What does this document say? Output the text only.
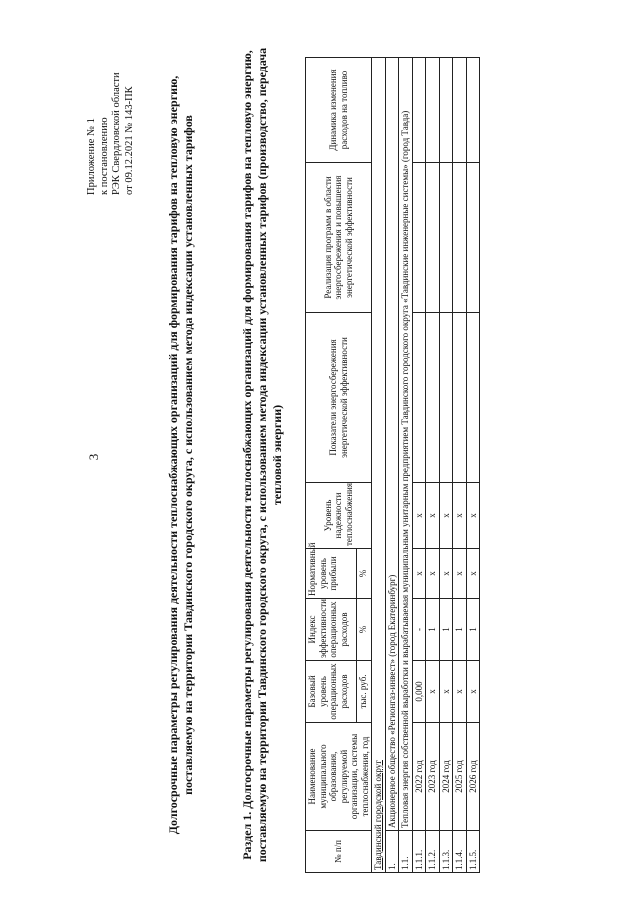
3
Приложение № 1 к постановлению РЭК Свердловской области от 09.12.2021 № 143-ПК	Долгосрочные параметры регулирования деятельности теплоснабжающих организаций для формирования тарифов на тепловую энергию, поставляемую на территории Тавдинского городского округа, с использованием метода индексации установленных тарифов	Раздел 1. Долгосрочные параметры регулирования деятельности теплоснабжающих организаций для формирования тарифов на тепловую энергию, поставляемую на территории Тавдинского городского округа, с использованием метода индексации установленных тарифов (производство, передача тепловой энергии)
№ п/п	Наименование муниципального образования, регулируемой организации, системы теплоснабжения, год	Базовый уровень операционных расходов	Индекс эффективности операционных расходов	Нормативный уровень прибыли	Уровень надежности теплоснабжения	Показатели энергосбережения энергетической эффективности	Реализация программ в области энергосбережения и повышения энергетической эффективности	Динамика изменения расходов на топливо
		тыс. руб.	%	%				
Тавдинский городской округ								
1.	Акционерное общество «Регионгаз-инвест» (город Екатеринбург)							
1.1.	Тепловая энергия собственной выработки и вырабатываемая муниципальным унитарным предприятием Тавдинского городского округа «Тавдинские инженерные системы» (город Тавда)							
1.1.1.	2022 год	0,000	-	х	х			
1.1.2.	2023 год	х	1	х	х			
1.1.3.	2024 год	х	1	х	х			
1.1.4.	2025 год	х	1	х	х			
1.1.5.	2026 год	х	1	х	х			
